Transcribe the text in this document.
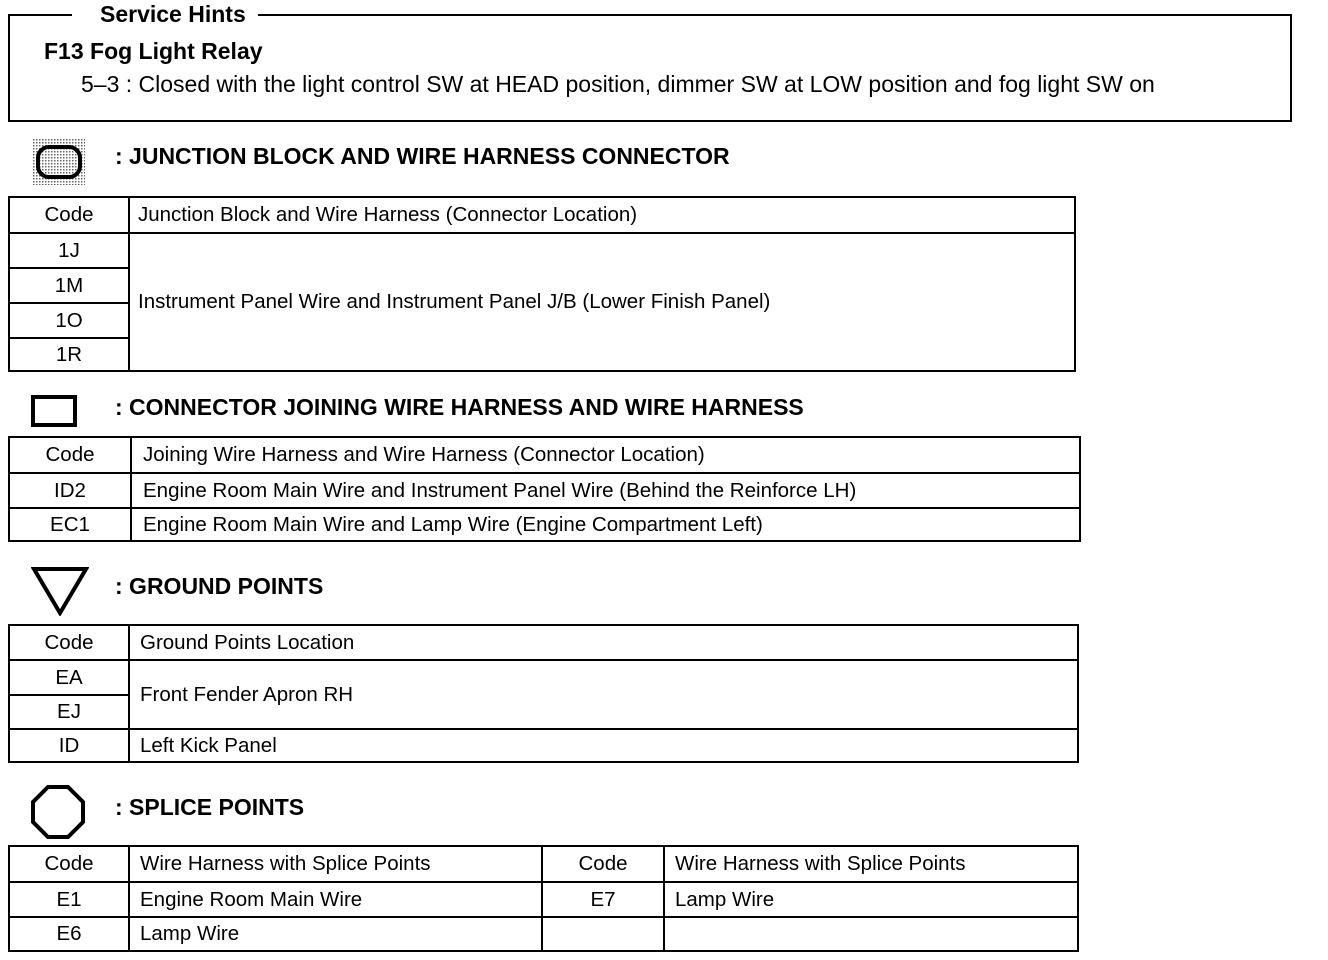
Service Hints
F13 Fog Light Relay
5–3 : Closed with the light control SW at HEAD position, dimmer SW at LOW position and fog light SW on
: JUNCTION BLOCK AND WIRE HARNESS CONNECTOR
Code	Junction Block and Wire Harness (Connector Location)
1J	Instrument Panel Wire and Instrument Panel J/B (Lower Finish Panel)
1M	
1O	
1R	
: CONNECTOR JOINING WIRE HARNESS AND WIRE HARNESS
Code	Joining Wire Harness and Wire Harness (Connector Location)
ID2	Engine Room Main Wire and Instrument Panel Wire (Behind the Reinforce LH)
EC1	Engine Room Main Wire and Lamp Wire (Engine Compartment Left)
: GROUND POINTS
Code	Ground Points Location
EA	Front Fender Apron RH
EJ	
ID	Left Kick Panel
: SPLICE POINTS
Code	Wire Harness with Splice Points	Code	Wire Harness with Splice Points
E1	Engine Room Main Wire	E7	Lamp Wire
E6	Lamp Wire		
